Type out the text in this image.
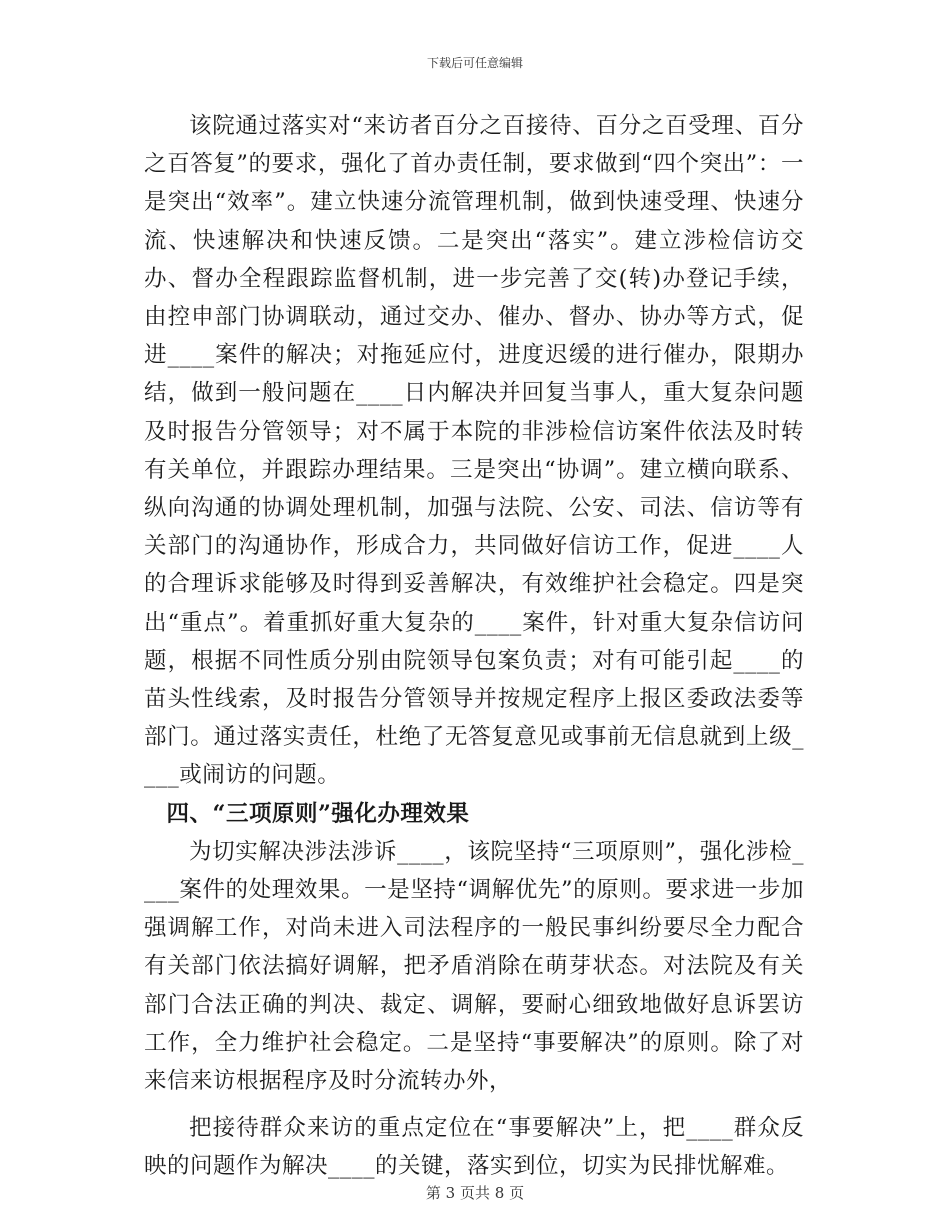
下载后可任意编辑

该院通过落实对“来访者百分之百接待、百分之百受理、百分之百答复”的要求，强化了首办责任制，要求做到“四个突出”：一是突出“效率”。建立快速分流管理机制，做到快速受理、快速分流、快速解决和快速反馈。二是突出“落实”。建立涉检信访交办、督办全程跟踪监督机制，进一步完善了交(转)办登记手续，由控申部门协调联动，通过交办、催办、督办、协办等方式，促进____案件的解决；对拖延应付，进度迟缓的进行催办，限期办结，做到一般问题在____日内解决并回复当事人，重大复杂问题及时报告分管领导；对不属于本院的非涉检信访案件依法及时转有关单位，并跟踪办理结果。三是突出“协调”。建立横向联系、纵向沟通的协调处理机制，加强与法院、公安、司法、信访等有关部门的沟通协作，形成合力，共同做好信访工作，促进____人的合理诉求能够及时得到妥善解决，有效维护社会稳定。四是突出“重点”。着重抓好重大复杂的____案件，针对重大复杂信访问题，根据不同性质分别由院领导包案负责；对有可能引起____的苗头性线索，及时报告分管领导并按规定程序上报区委政法委等部门。通过落实责任，杜绝了无答复意见或事前无信息就到上级____或闹访的问题。

四、“三项原则”强化办理效果

为切实解决涉法涉诉____，该院坚持“三项原则”，强化涉检____案件的处理效果。一是坚持“调解优先”的原则。要求进一步加强调解工作，对尚未进入司法程序的一般民事纠纷要尽全力配合有关部门依法搞好调解，把矛盾消除在萌芽状态。对法院及有关部门合法正确的判决、裁定、调解，要耐心细致地做好息诉罢访工作，全力维护社会稳定。二是坚持“事要解决”的原则。除了对来信来访根据程序及时分流转办外，

把接待群众来访的重点定位在“事要解决”上，把____群众反映的问题作为解决____的关键，落实到位，切实为民排忧解难。

第 3 页共 8 页
